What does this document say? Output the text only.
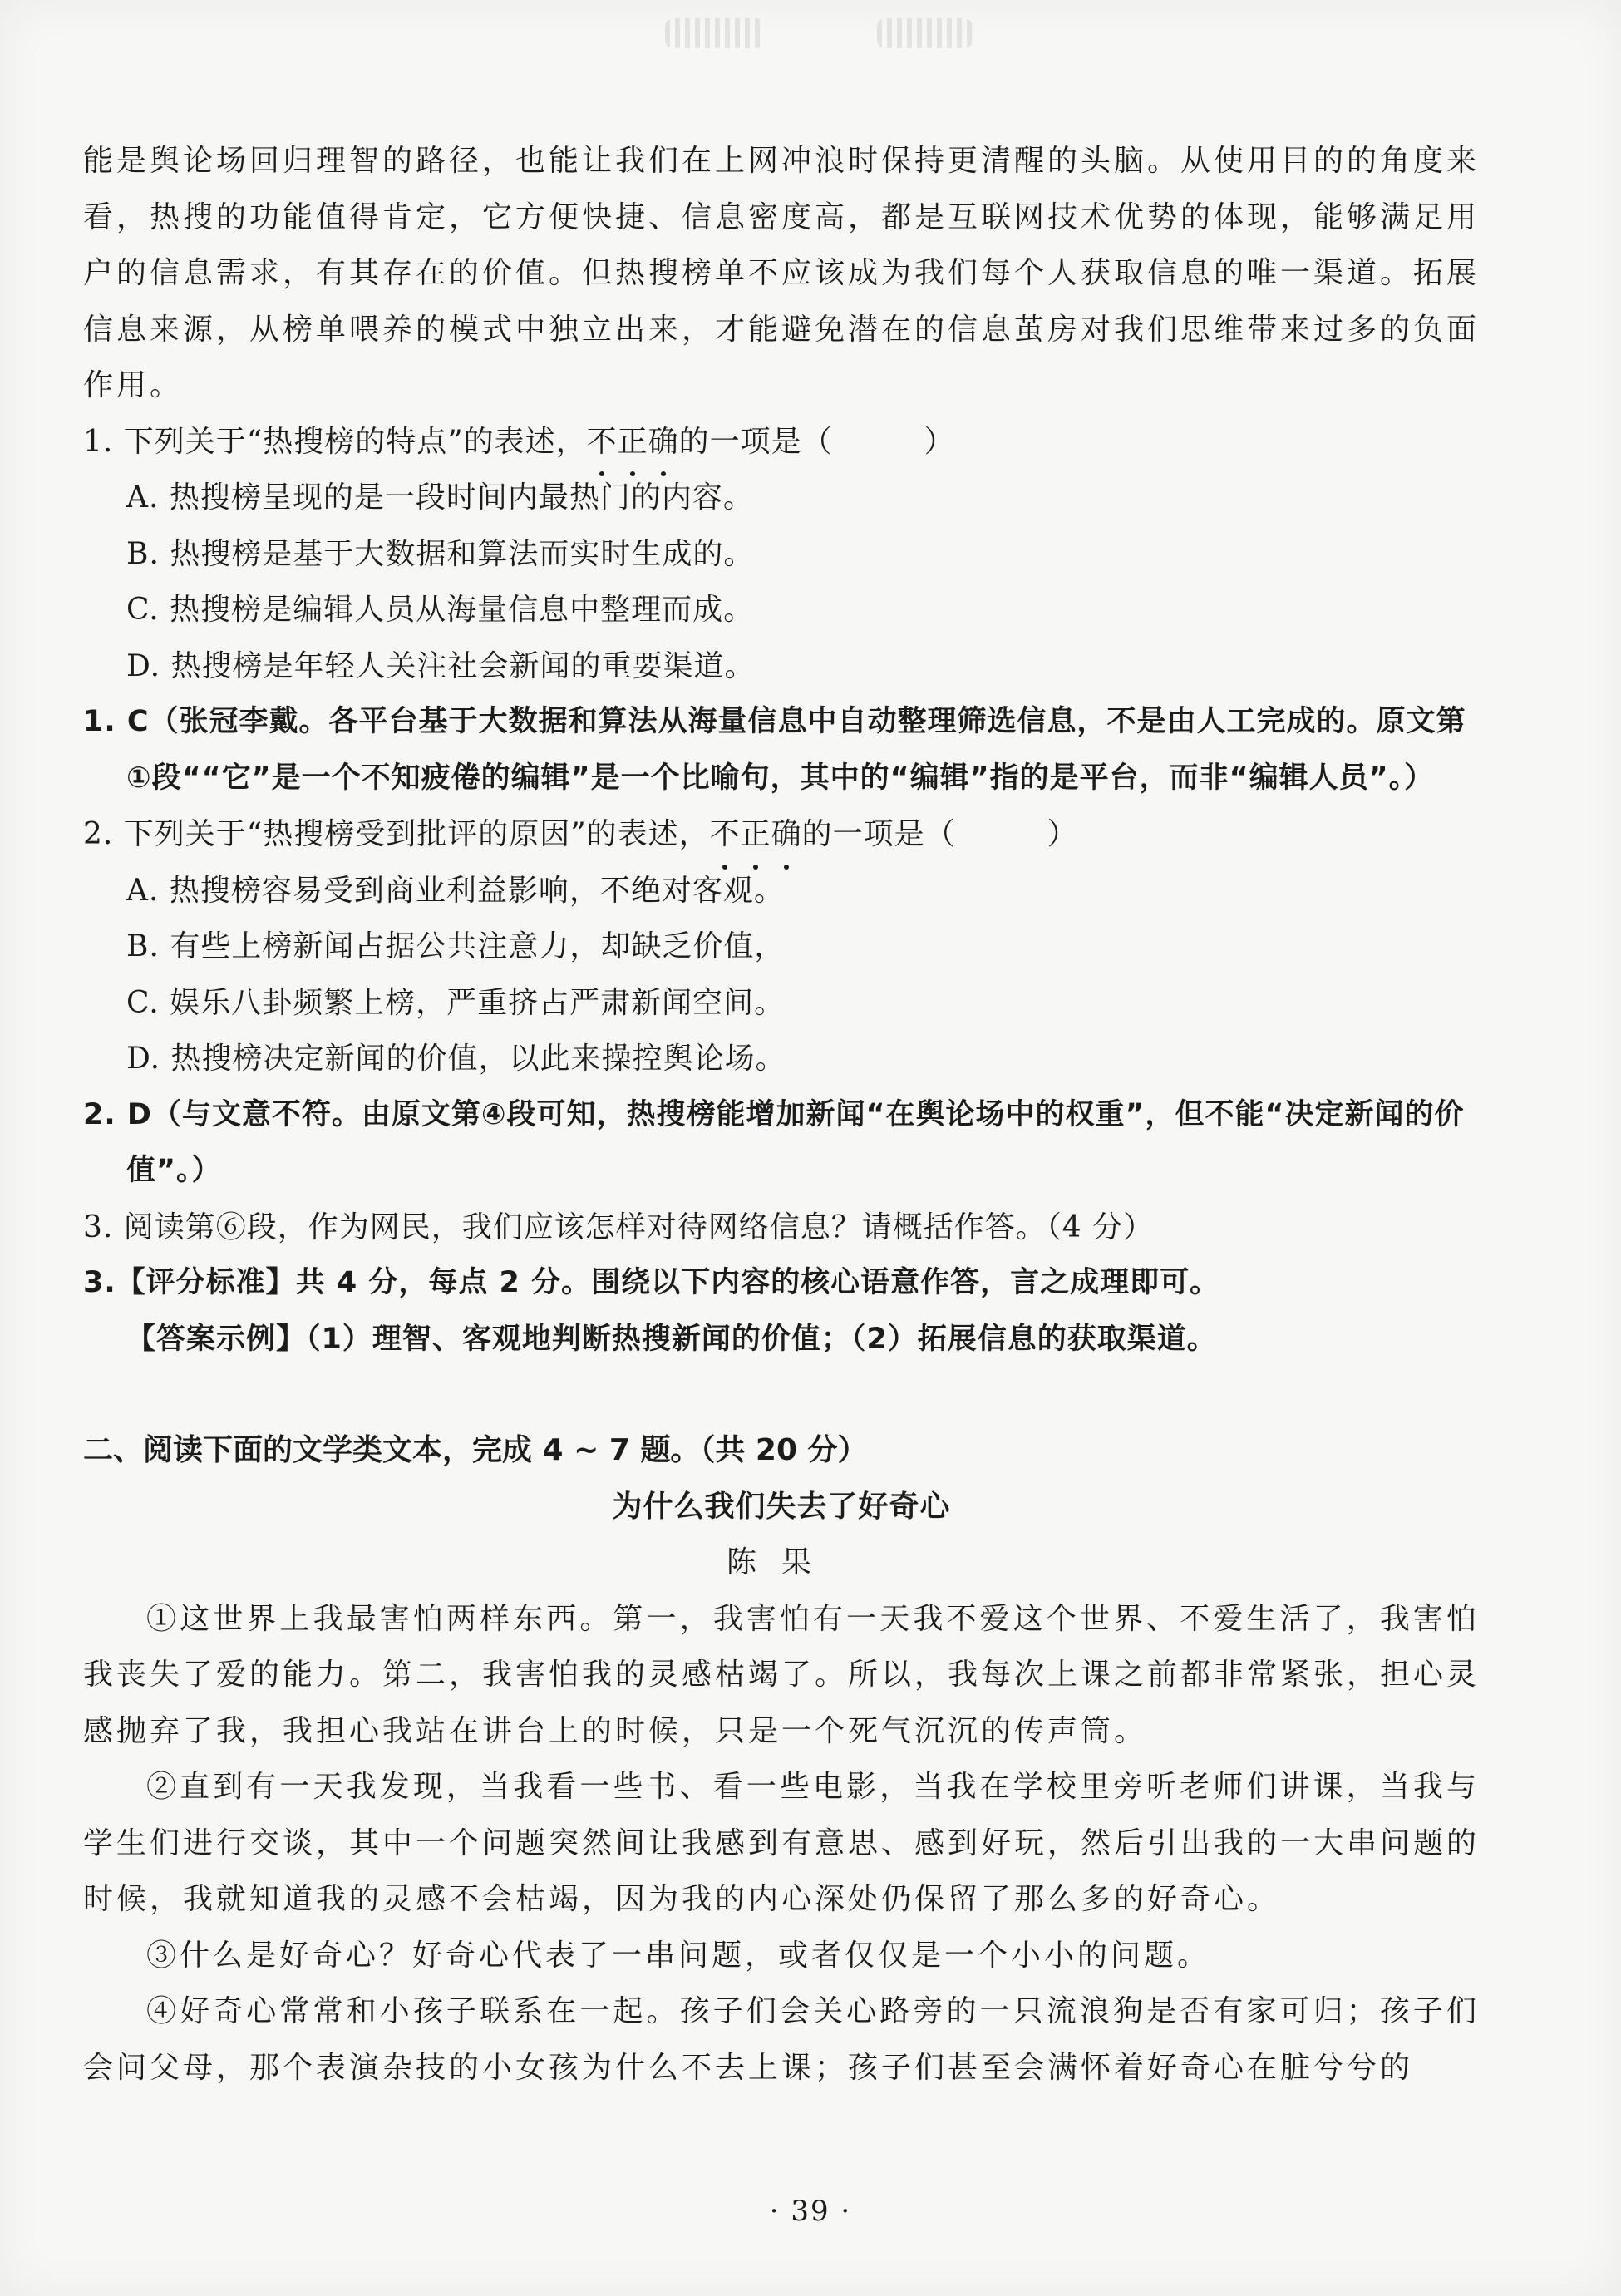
能是舆论场回归理智的路径，也能让我们在上网冲浪时保持更清醒的头脑。从使用目的的角度来看，热搜的功能值得肯定，它方便快捷、信息密度高，都是互联网技术优势的体现，能够满足用户的信息需求，有其存在的价值。但热搜榜单不应该成为我们每个人获取信息的唯一渠道。拓展信息来源，从榜单喂养的模式中独立出来，才能避免潜在的信息茧房对我们思维带来过多的负面作用。

1. 下列关于“热搜榜的特点”的表述，不正确的一项是（	）

A. 热搜榜呈现的是一段时间内最热门的内容。

B. 热搜榜是基于大数据和算法而实时生成的。

C. 热搜榜是编辑人员从海量信息中整理而成。

D. 热搜榜是年轻人关注社会新闻的重要渠道。

1. C（张冠李戴。各平台基于大数据和算法从海量信息中自动整理筛选信息，不是由人工完成的。原文第①段““它”是一个不知疲倦的编辑”是一个比喻句，其中的“编辑”指的是平台，而非“编辑人员”。）

2. 下列关于“热搜榜受到批评的原因”的表述，不正确的一项是（	）

A. 热搜榜容易受到商业利益影响，不绝对客观。

B. 有些上榜新闻占据公共注意力，却缺乏价值，

C. 娱乐八卦频繁上榜，严重挤占严肃新闻空间。

D. 热搜榜决定新闻的价值，以此来操控舆论场。

2. D（与文意不符。由原文第④段可知，热搜榜能增加新闻“在舆论场中的权重”，但不能“决定新闻的价值”。）

3. 阅读第⑥段，作为网民，我们应该怎样对待网络信息？请概括作答。（4 分）

3.【评分标准】共 4 分，每点 2 分。围绕以下内容的核心语意作答，言之成理即可。

【答案示例】（1）理智、客观地判断热搜新闻的价值；（2）拓展信息的获取渠道。

二、阅读下面的文学类文本，完成 4 ~ 7 题。（共 20 分）

为什么我们失去了好奇心

陈果

①这世界上我最害怕两样东西。第一，我害怕有一天我不爱这个世界、不爱生活了，我害怕我丧失了爱的能力。第二，我害怕我的灵感枯竭了。所以，我每次上课之前都非常紧张，担心灵感抛弃了我，我担心我站在讲台上的时候，只是一个死气沉沉的传声筒。

②直到有一天我发现，当我看一些书、看一些电影，当我在学校里旁听老师们讲课，当我与学生们进行交谈，其中一个问题突然间让我感到有意思、感到好玩，然后引出我的一大串问题的时候，我就知道我的灵感不会枯竭，因为我的内心深处仍保留了那么多的好奇心。

③什么是好奇心？好奇心代表了一串问题，或者仅仅是一个小小的问题。

④好奇心常常和小孩子联系在一起。孩子们会关心路旁的一只流浪狗是否有家可归；孩子们会问父母，那个表演杂技的小女孩为什么不去上课；孩子们甚至会满怀着好奇心在脏兮兮的

· 39 ·
